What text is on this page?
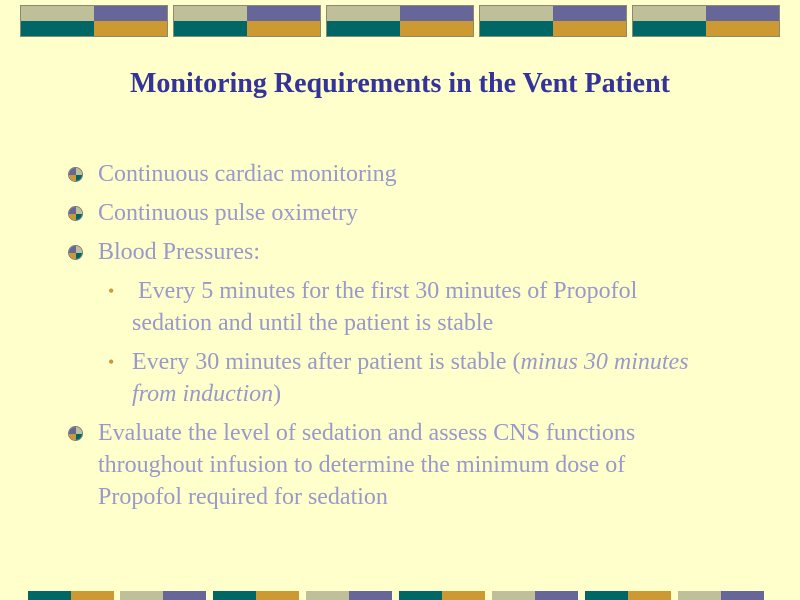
Monitoring Requirements in the Vent Patient
Continuous cardiac monitoring
Continuous pulse oximetry
Blood Pressures:
• Every 5 minutes for the first 30 minutes of Propofol sedation and until the patient is stable
• Every 30 minutes after patient is stable (minus 30 minutes from induction)
Evaluate the level of sedation and assess CNS functions throughout infusion to determine the minimum dose of Propofol required for sedation
